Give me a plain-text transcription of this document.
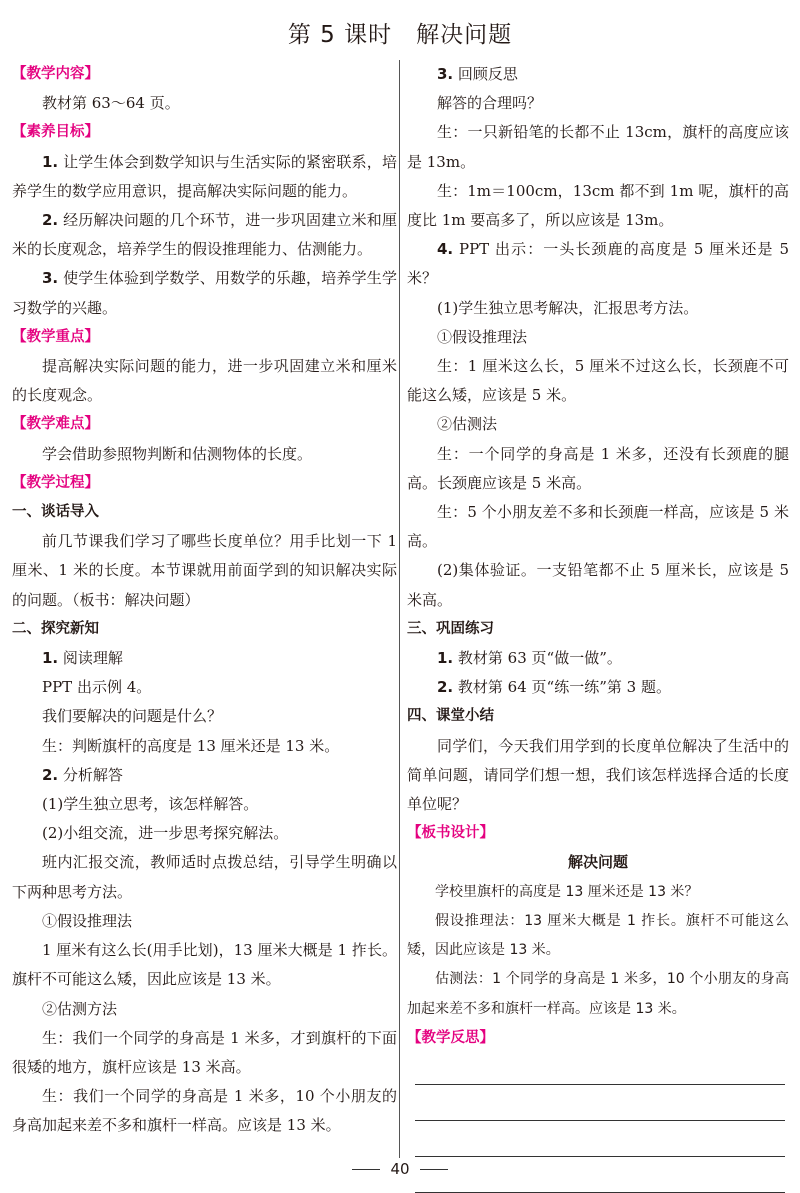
第 5 课时　解决问题
【教学内容】
教材第 63～64 页。
【素养目标】
1. 让学生体会到数学知识与生活实际的紧密联系，培养学生的数学应用意识，提高解决实际问题的能力。
2. 经历解决问题的几个环节，进一步巩固建立米和厘米的长度观念，培养学生的假设推理能力、估测能力。
3. 使学生体验到学数学、用数学的乐趣，培养学生学习数学的兴趣。
【教学重点】
提高解决实际问题的能力，进一步巩固建立米和厘米的长度观念。
【教学难点】
学会借助参照物判断和估测物体的长度。
【教学过程】
一、谈话导入
前几节课我们学习了哪些长度单位？用手比划一下 1 厘米、1 米的长度。本节课就用前面学到的知识解决实际的问题。（板书：解决问题）
二、探究新知
1. 阅读理解
PPT 出示例 4。
我们要解决的问题是什么？
生：判断旗杆的高度是 13 厘米还是 13 米。
2. 分析解答
(1)学生独立思考，该怎样解答。
(2)小组交流，进一步思考探究解法。
班内汇报交流，教师适时点拨总结，引导学生明确以下两种思考方法。
①假设推理法
1 厘米有这么长(用手比划)，13 厘米大概是 1 拃长。旗杆不可能这么矮，因此应该是 13 米。
②估测方法
生：我们一个同学的身高是 1 米多，才到旗杆的下面很矮的地方，旗杆应该是 13 米高。
生：我们一个同学的身高是 1 米多，10 个小朋友的身高加起来差不多和旗杆一样高。应该是 13 米。
3. 回顾反思
解答的合理吗？
生：一只新铅笔的长都不止 13cm，旗杆的高度应该是 13m。
生：1m＝100cm，13cm 都不到 1m 呢，旗杆的高度比 1m 要高多了，所以应该是 13m。
4. PPT 出示：一头长颈鹿的高度是 5 厘米还是 5 米？
(1)学生独立思考解决，汇报思考方法。
①假设推理法
生：1 厘米这么长，5 厘米不过这么长，长颈鹿不可能这么矮，应该是 5 米。
②估测法
生：一个同学的身高是 1 米多，还没有长颈鹿的腿高。长颈鹿应该是 5 米高。
生：5 个小朋友差不多和长颈鹿一样高，应该是 5 米高。
(2)集体验证。一支铅笔都不止 5 厘米长，应该是 5 米高。
三、巩固练习
1. 教材第 63 页“做一做”。
2. 教材第 64 页“练一练”第 3 题。
四、课堂小结
同学们，今天我们用学到的长度单位解决了生活中的简单问题，请同学们想一想，我们该怎样选择合适的长度单位呢？
【板书设计】
解决问题
学校里旗杆的高度是 13 厘米还是 13 米？
假设推理法：13 厘米大概是 1 拃长。旗杆不可能这么矮，因此应该是 13 米。
估测法：1 个同学的身高是 1 米多，10 个小朋友的身高加起来差不多和旗杆一样高。应该是 13 米。
【教学反思】
40
